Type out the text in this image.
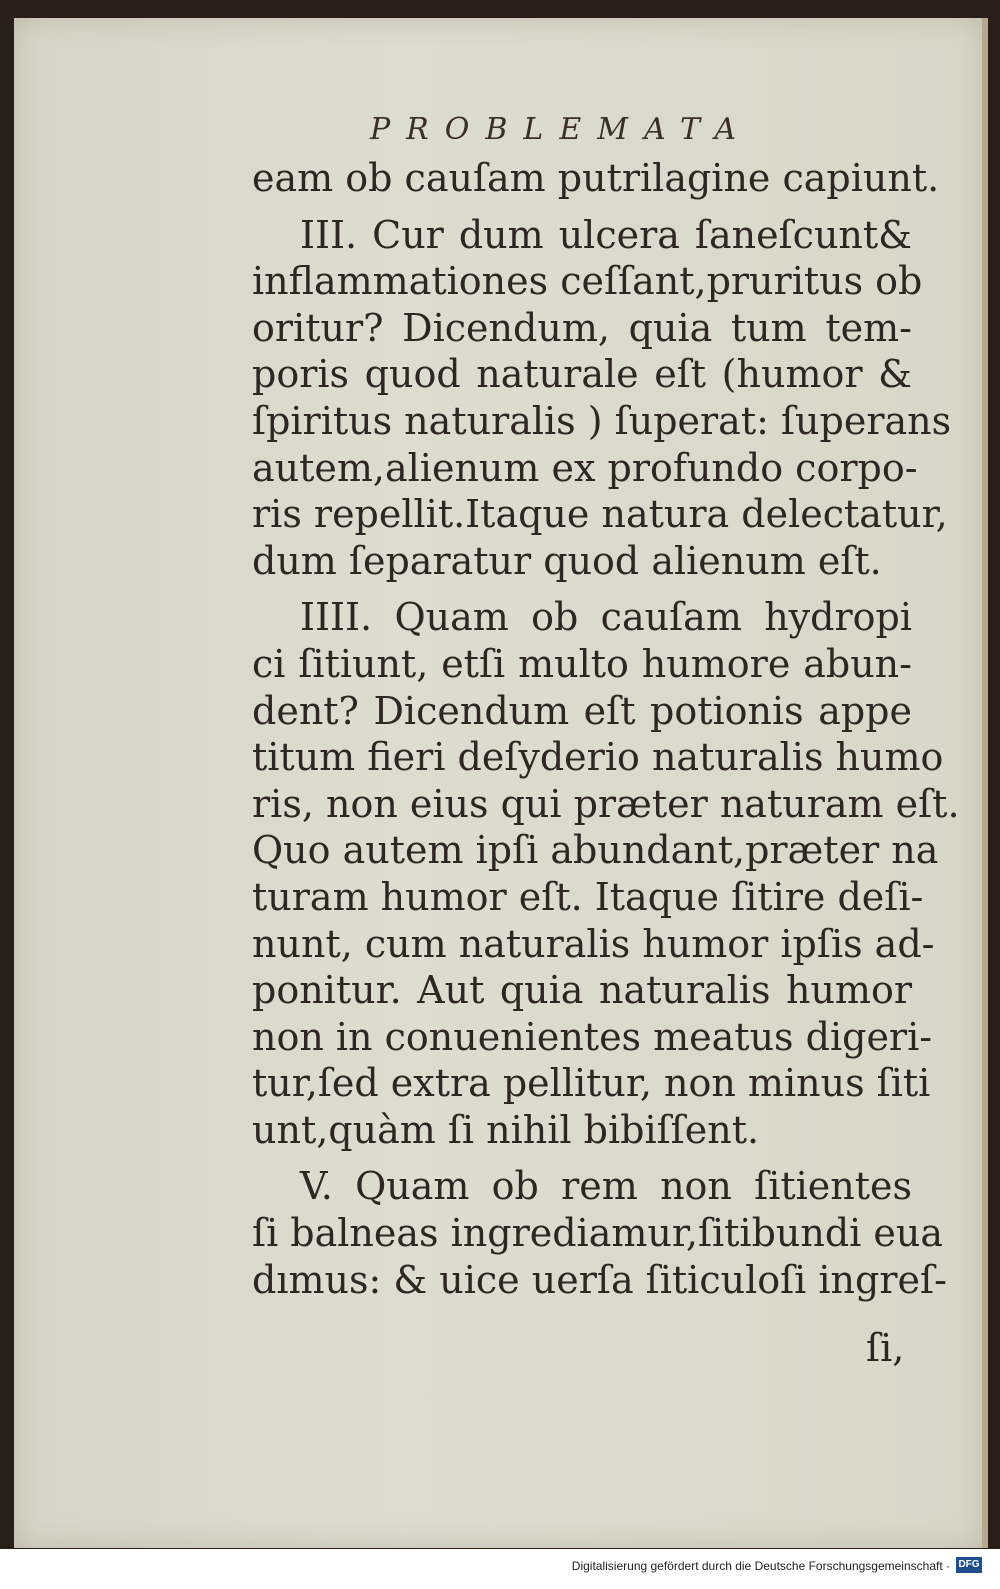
PROBLEMATA
eam ob cauſam putrilagine capiunt.
III. Cur dum ulcera ſaneſcunt&
inflammationes ceſſant,pruritus ob
oritur? Dicendum, quia tum tem-
poris quod naturale eſt (humor &
ſpiritus naturalis ) ſuperat: ſuperans
autem,alienum ex profundo corpo-
ris repellit.Itaque natura delectatur,
dum ſeparatur quod alienum eſt.
IIII. Quam ob cauſam hydropi
ci ſitiunt, etſi multo humore abun-
dent? Dicendum eſt potionis appe
titum fieri deſyderio naturalis humo
ris, non eius qui præter naturam eſt.
Quo autem ipſi abundant,præter na
turam humor eſt. Itaque ſitire deſi-
nunt, cum naturalis humor ipſis ad-
ponitur. Aut quia naturalis humor
non in conuenientes meatus digeri-
tur,ſed extra pellitur, non minus ſiti
unt,quàm ſi nihil bibiſſent.
V. Quam ob rem non ſitientes
ſi balneas ingrediamur,ſitibundi eua
dımus: & uice uerſa ſiticuloſi ingreſ-
ſi,
Digitalisierung gefördert durch die Deutsche Forschungsgemeinschaft · DFG
